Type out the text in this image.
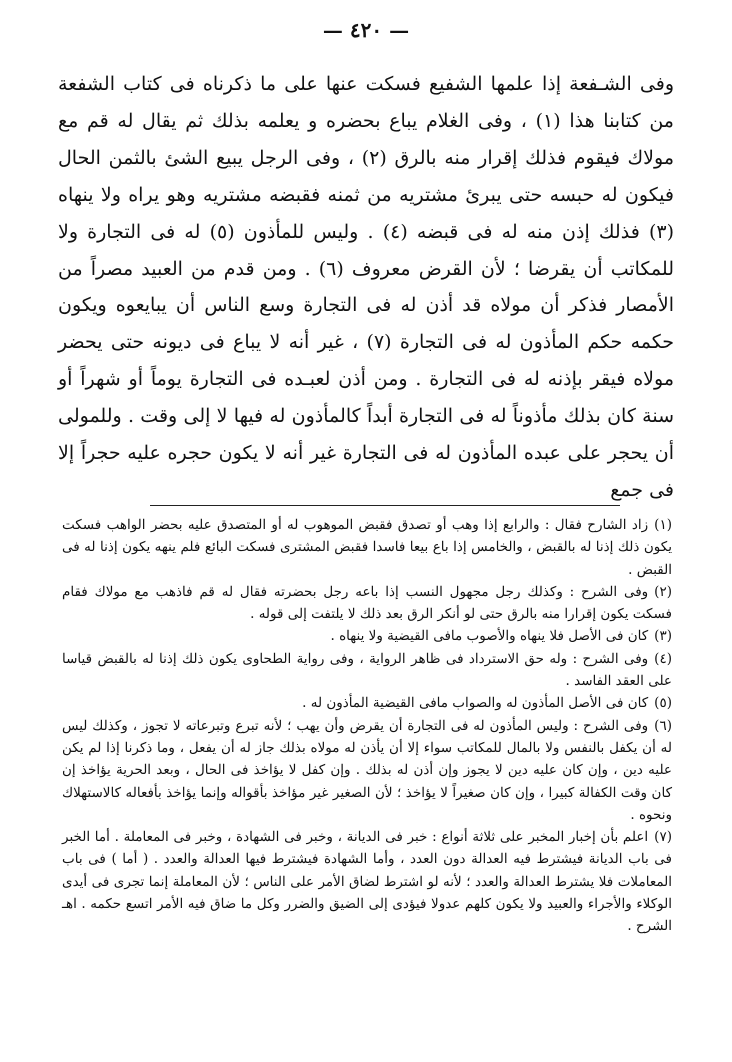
— ٤٢٠ —

وفى الشـفعة إذا علمها الشفيع فسكت عنها على ما ذكرناه فى كتاب الشفعة من كتابنا هذا (١) ، وفى الغلام يباع بحضره و يعلمه بذلك ثم يقال له قم مع مولاك فيقوم فذلك إقرار منه بالرق (٢) ، وفى الرجل يبيع الشئ بالثمن الحال فيكون له حبسه حتى يبرئ مشتريه من ثمنه فقبضه مشتريه وهو يراه ولا ينهاه (٣) فذلك إذن منه له فى قبضه (٤) . وليس للمأذون (٥) له فى التجارة ولا للمكاتب أن يقرضا ؛ لأن القرض معروف (٦) . ومن قدم من العبيد مصراً من الأمصار فذكر أن مولاه قد أذن له فى التجارة وسع الناس أن يبايعوه ويكون حكمه حكم المأذون له فى التجارة (٧) ، غير أنه لا يباع فى ديونه حتى يحضر مولاه فيقر بإذنه له فى التجارة . ومن أذن لعبـده فى التجارة يوماً أو شهراً أو سنة كان بذلك مأذوناً له فى التجارة أبداً كالمأذون له فيها لا إلى وقت . وللمولى أن يحجر على عبده المأذون له فى التجارة غير أنه لا يكون حجره عليه حجراً إلا فى جمع

(١)زاد الشارح فقال : والرابع إذا وهب أو تصدق فقبض الموهوب له أو المتصدق عليه بحضر الواهب فسكت يكون ذلك إذنا له بالقبض ، والخامس إذا باع بيعا فاسدا فقبض المشترى فسكت البائع فلم ينهه يكون إذنا له فى القبض .

(٢)وفى الشرح : وكذلك رجل مجهول النسب إذا باعه رجل بحضرته فقال له قم فاذهب مع مولاك فقام فسكت يكون إقرارا منه بالرق حتى لو أنكر الرق بعد ذلك لا يلتفت إلى قوله .

(٣)كان فى الأصل فلا ينهاه والأصوب مافى القيضية ولا ينهاه .

(٤)وفى الشرح : وله حق الاسترداد فى ظاهر الرواية ، وفى رواية الطحاوى يكون ذلك إذنا له بالقبض قياسا على العقد الفاسد .

(٥)كان فى الأصل المأذون له والصواب مافى القيضية المأذون له .

(٦)وفى الشرح : وليس المأذون له فى التجارة أن يقرض وأن يهب ؛ لأنه تبرع وتبرعاته لا تجوز ، وكذلك ليس له أن يكفل بالنفس ولا بالمال للمكاتب سواء إلا أن يأذن له مولاه بذلك جاز له أن يفعل ، وما ذكرنا إذا لم يكن عليه دين ، وإن كان عليه دين لا يجوز وإن أذن له بذلك . وإن كفل لا يؤاخذ فى الحال ، وبعد الحرية يؤاخذ إن كان وقت الكفالة كبيرا ، وإن كان صغيراً لا يؤاخذ ؛ لأن الصغير غير مؤاخذ بأقواله وإنما يؤاخذ بأفعاله كالاستهلاك ونحوه .

(٧)اعلم بأن إخبار المخبر على ثلاثة أنواع : خبر فى الديانة ، وخبر فى الشهادة ، وخبر فى المعاملة . أما الخبر فى باب الديانة فيشترط فيه العدالة دون العدد ، وأما الشهادة فيشترط فيها العدالة والعدد . ( أما ) فى باب المعاملات فلا يشترط العدالة والعدد ؛ لأنه لو اشترط لضاق الأمر على الناس ؛ لأن المعاملة إنما تجرى فى أيدى الوكلاء والأجراء والعبيد ولا يكون كلهم عدولا فيؤدى إلى الضيق والضرر وكل ما ضاق فيه الأمر اتسع حكمه . اهـ الشرح .
